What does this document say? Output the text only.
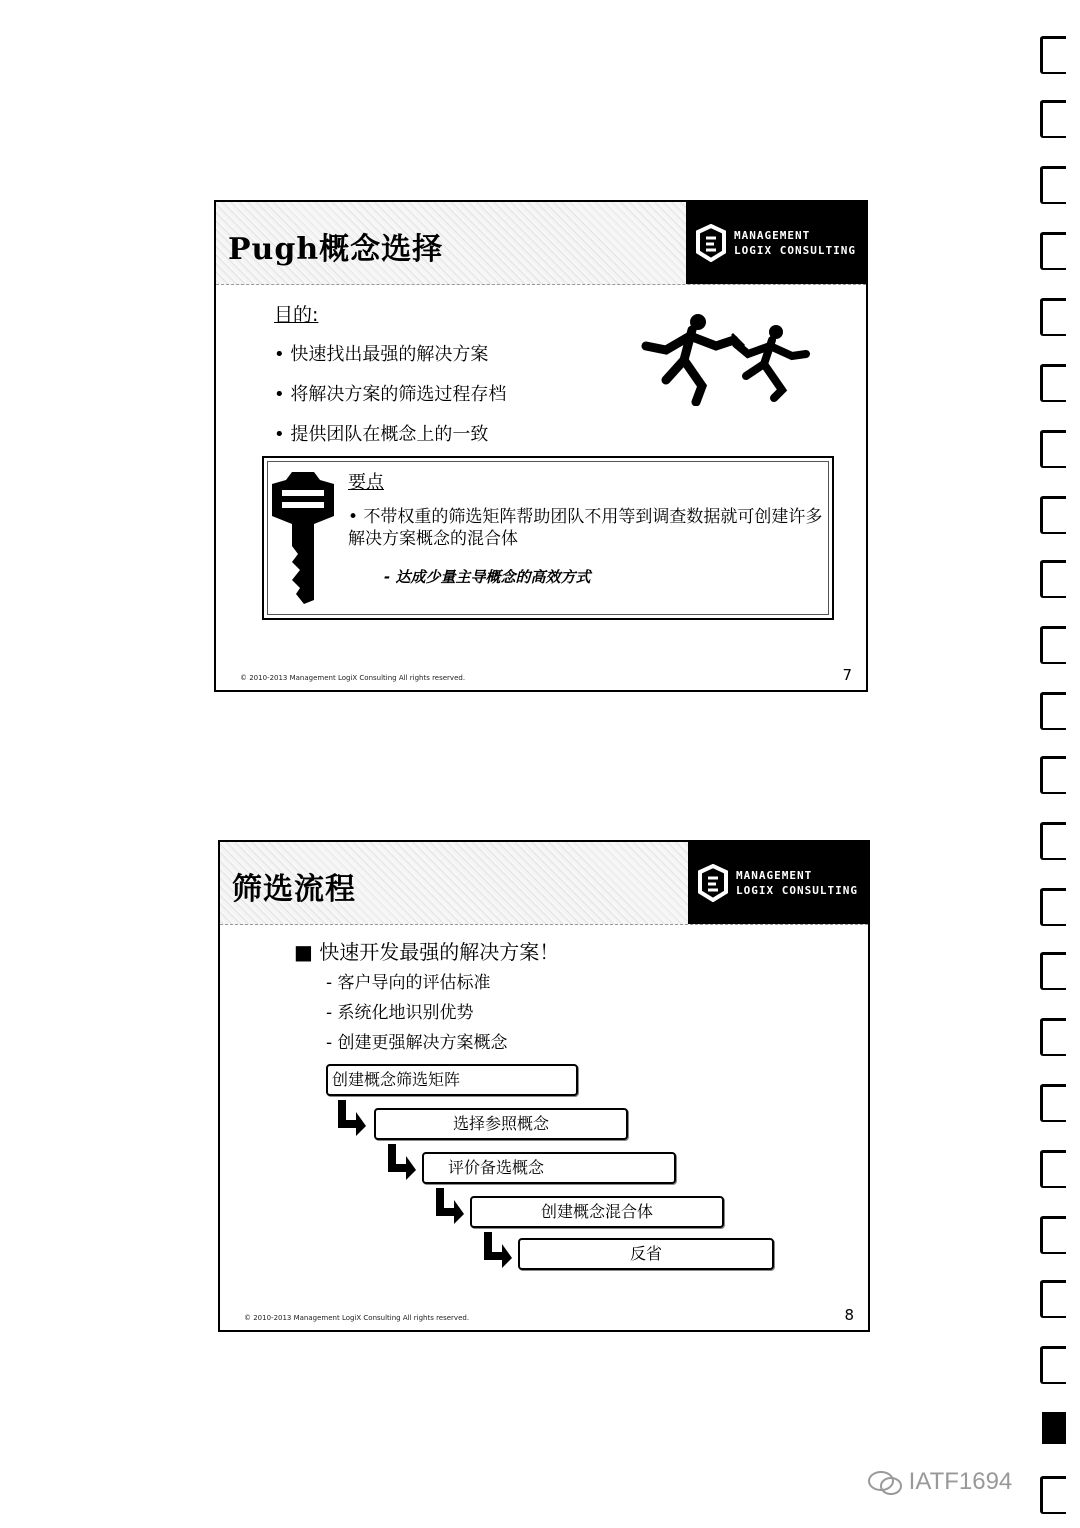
Pugh概念选择	MANAGEMENT
LOGIX CONSULTING
目的:
• 快速找出最强的解决方案
• 将解决方案的筛选过程存档
• 提供团队在概念上的一致
要点
• 不带权重的筛选矩阵帮助团队不用等到调查数据就可创建许多解决方案概念的混合体
- 达成少量主导概念的高效方式
© 2010-2013 Management LogiX Consulting All rights reserved.	7
筛选流程	MANAGEMENT
LOGIX CONSULTING
■ 快速开发最强的解决方案！
- 客户导向的评估标准
- 系统化地识别优势
- 创建更强解决方案概念
创建概念筛选矩阵
选择参照概念
评价备选概念
创建概念混合体
反省
© 2010-2013 Management LogiX Consulting All rights reserved.	8
IATF1694
